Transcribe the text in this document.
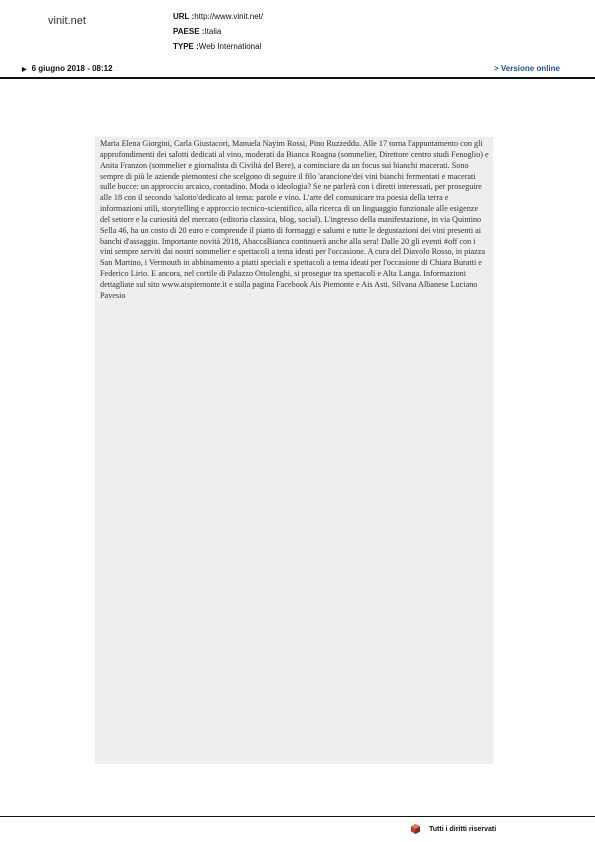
vinit.net	URL :http://www.vinit.net/
PAESE :Italia
TYPE :Web International
▶ 6 giugno 2018 - 08:12	> Versione online

Maria Elena Giorgini, Carla Giustacori, Manuela Nayim Rossi, Pino Ruzzeddu. Alle 17 torna l'appuntamento con gli approfondimenti dei salotti dedicati al vino, moderati da Bianca Roagna (sommelier, Direttore centro studi Fenoglio) e Anita Franzon (sommelier e giornalista di Civiltà del Bere), a cominciare da un focus sui bianchi macerati. Sono sempre di più le aziende piemontesi che scelgono di seguire il filo 'arancione'dei vini bianchi fermentati e macerati sulle bucce: un approccio arcaico, contadino. Moda o ideologia? Se ne parlerà con i diretti interessati, per proseguire alle 18 con il secondo 'salotto'dedicato al tema: parole e vino. L'arte del comunicare tra poesia della terra e informazioni utili, storytelling e approccio tecnico-scientifico, alla ricerca di un linguaggio funzionale alle esigenze del settore e la curiosità del mercato (editoria classica, blog, social). L'ingresso della manifestazione, in via Quintino Sella 46, ha un costo di 20 euro e comprende il piatto di formaggi e salumi e tutte le degustazioni dei vini presenti ai banchi d'assaggio. Importante novità 2018, AbaccaBianca continuerà anche alla sera! Dalle 20 gli eventi #off con i vini sempre serviti dai nostri sommelier e spettacoli a tema ideati per l'occasione. A cura del Diavolo Rosso, in piazza San Martino, i Vermouth in abbinamento a piatti speciali e spettacoli a tema ideati per l'occasione di Chiara Buratti e Federico Lirio. E ancora, nel cortile di Palazzo Ottolenghi, si prosegue tra spettacoli e Alta Langa. Informazioni dettagliate sul sito www.aispiemonte.it e sulla pagina Facebook Ais Piemonte e Ais Asti. Silvana Albanese Luciano Pavesio

Tutti i diritti riservati
